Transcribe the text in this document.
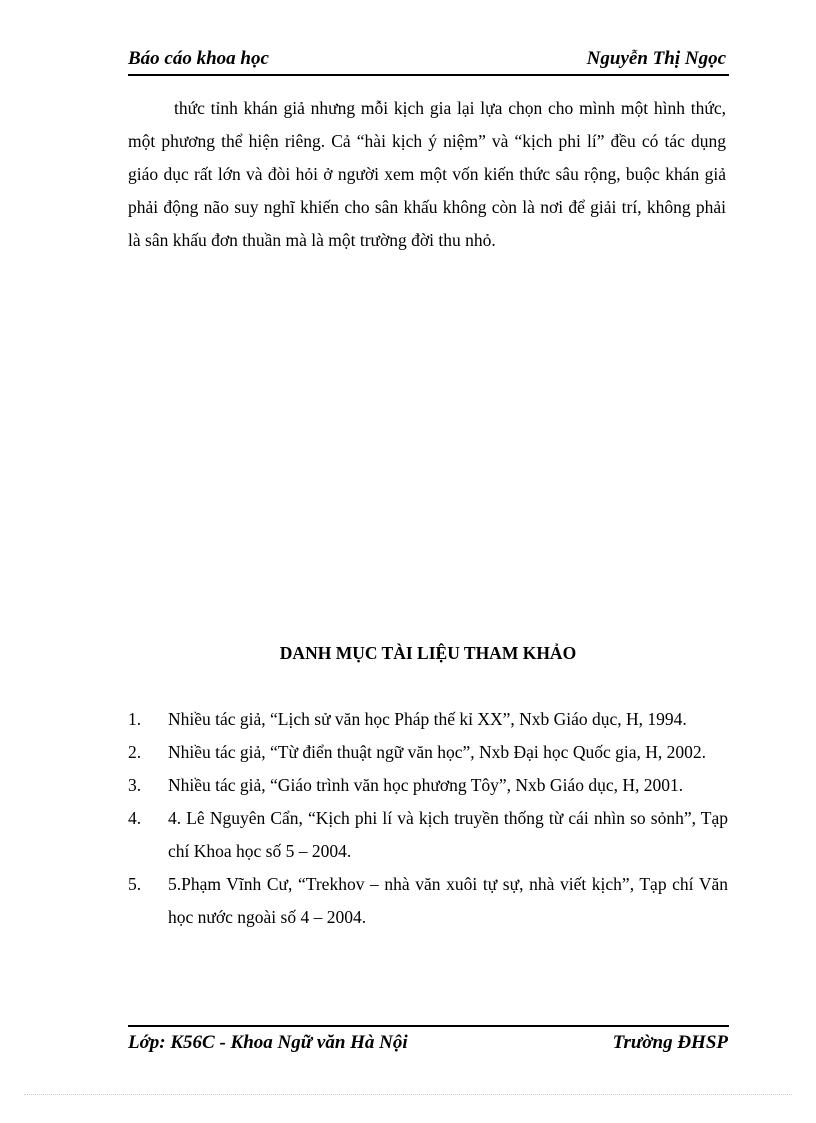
Báo cáo khoa học	Nguyễn Thị Ngọc

thức tỉnh khán giả nhưng mỗi kịch gia lại lựa chọn cho mình một hình thức, một phương thể hiện riêng. Cả “hài kịch ý niệm” và “kịch phi lí” đều có tác dụng giáo dục rất lớn và đòi hỏi ở người xem một vốn kiến thức sâu rộng, buộc khán giả phải động não suy nghĩ khiến cho sân khấu không còn là nơi để giải trí, không phải là sân khấu đơn thuần mà là một trường đời thu nhỏ.

DANH MỤC TÀI LIỆU THAM KHẢO
1. Nhiều tác giả, “Lịch sử văn học Pháp thế kỉ XX”, Nxb Giáo dục, H, 1994.
2. Nhiều tác giả, “Từ điển thuật ngữ văn học”, Nxb Đại học Quốc gia, H, 2002.
3. Nhiều tác giả, “Giáo trình văn học phương Tôy”, Nxb Giáo dục, H, 2001.
4. 4. Lê Nguyên Cẩn, “Kịch phi lí và kịch truyền thống từ cái nhìn so sỏnh”, Tạp chí Khoa học số 5 – 2004.
5. 5.Phạm Vĩnh Cư, “Trekhov – nhà văn xuôi tự sự, nhà viết kịch”, Tạp chí Văn học nước ngoài số 4 – 2004.
Lớp: K56C - Khoa Ngữ văn Hà Nội	Trường ĐHSP
